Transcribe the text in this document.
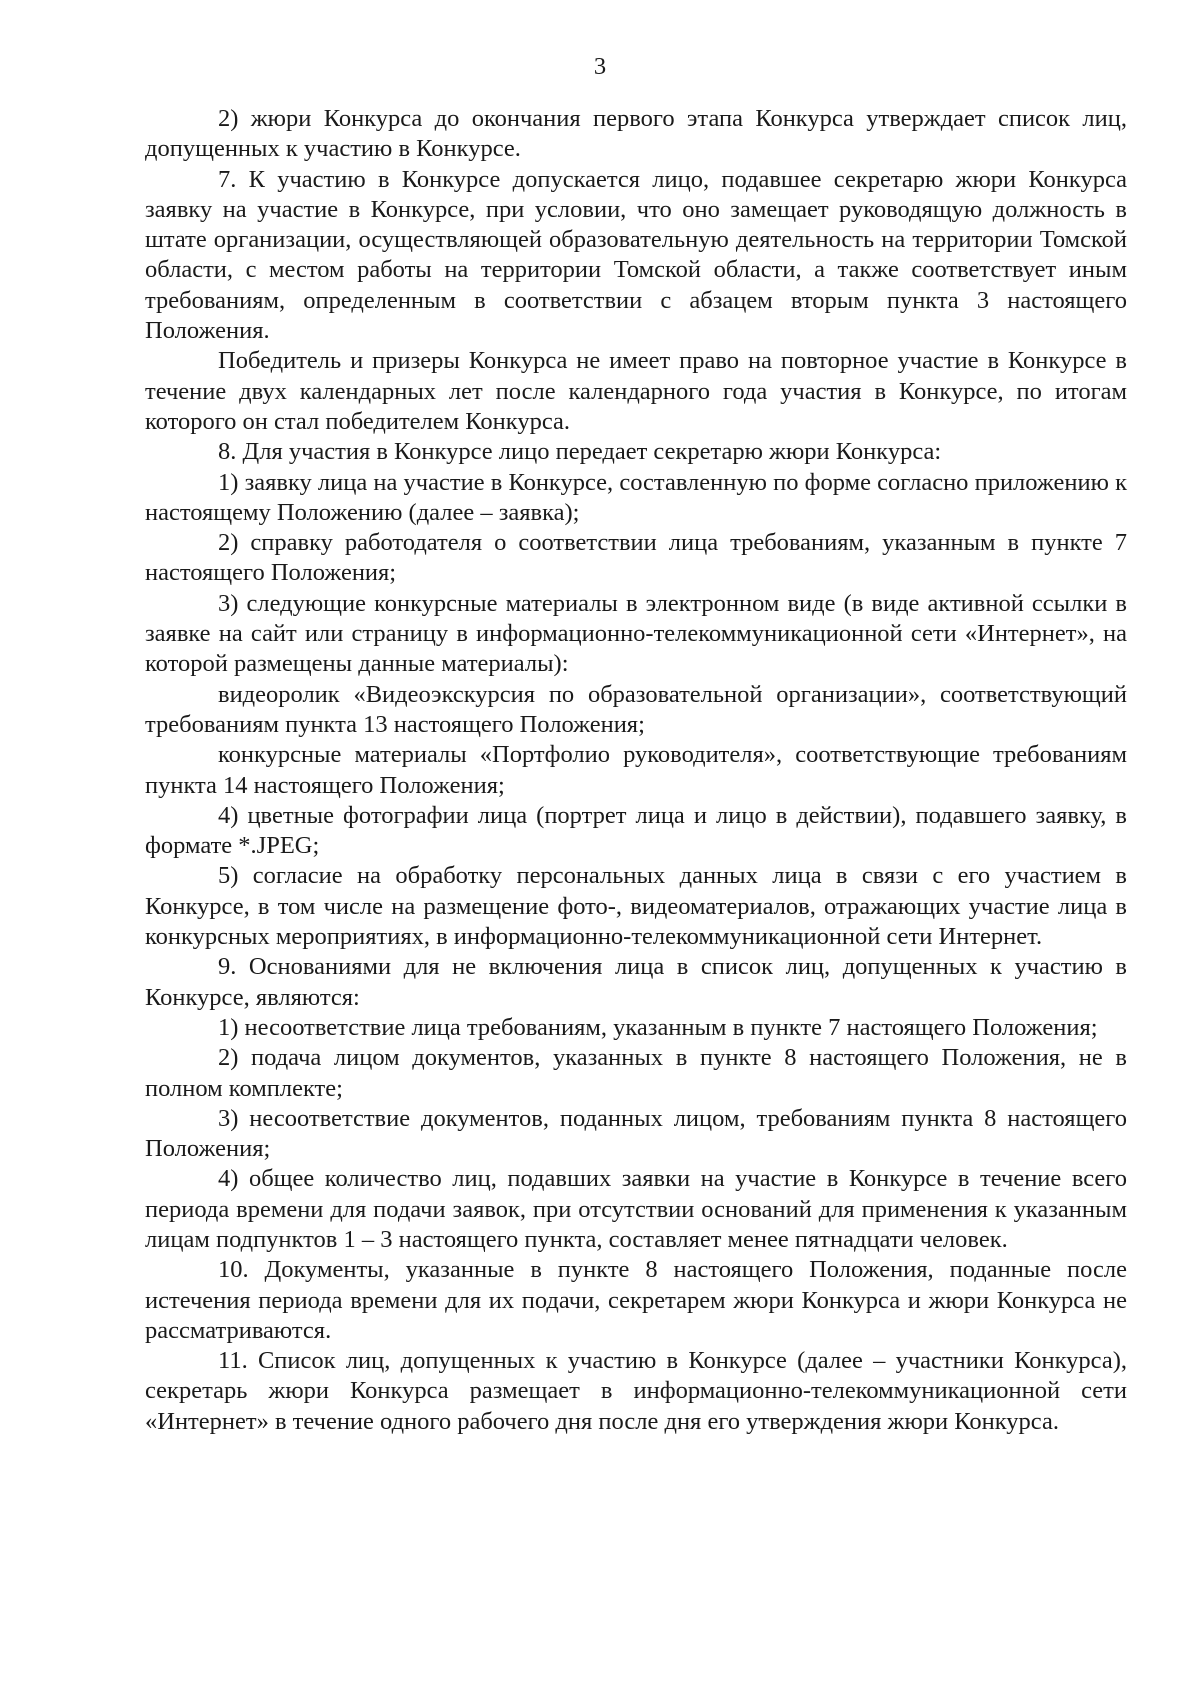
3

2) жюри Конкурса до окончания первого этапа Конкурса утверждает список лиц, допущенных к участию в Конкурсе.

7. К участию в Конкурсе допускается лицо, подавшее секретарю жюри Конкурса заявку на участие в Конкурсе, при условии, что оно замещает руководящую должность в штате организации, осуществляющей образовательную деятельность на территории Томской области, с местом работы на территории Томской области, а также соответствует иным требованиям, определенным в соответствии с абзацем вторым пункта 3 настоящего Положения.

Победитель и призеры Конкурса не имеет право на повторное участие в Конкурсе в течение двух календарных лет после календарного года участия в Конкурсе, по итогам которого он стал победителем Конкурса.

8. Для участия в Конкурсе лицо передает секретарю жюри Конкурса:

1) заявку лица на участие в Конкурсе, составленную по форме согласно приложению к настоящему Положению (далее – заявка);

2) справку работодателя о соответствии лица требованиям, указанным в пункте 7 настоящего Положения;

3) следующие конкурсные материалы в электронном виде (в виде активной ссылки в заявке на сайт или страницу в информационно-телекоммуникационной сети «Интернет», на которой размещены данные материалы):

видеоролик «Видеоэкскурсия по образовательной организации», соответствующий требованиям пункта 13 настоящего Положения;

конкурсные материалы «Портфолио руководителя», соответствующие требованиям пункта 14 настоящего Положения;

4) цветные фотографии лица (портрет лица и лицо в действии), подавшего заявку, в формате *.JPEG;

5) согласие на обработку персональных данных лица в связи с его участием в Конкурсе, в том числе на размещение фото-, видеоматериалов, отражающих участие лица в конкурсных мероприятиях, в информационно-телекоммуникационной сети Интернет.

9. Основаниями для не включения лица в список лиц, допущенных к участию в Конкурсе, являются:

1) несоответствие лица требованиям, указанным в пункте 7 настоящего Положения;

2) подача лицом документов, указанных в пункте 8 настоящего Положения, не в полном комплекте;

3) несоответствие документов, поданных лицом, требованиям пункта 8 настоящего Положения;

4) общее количество лиц, подавших заявки на участие в Конкурсе в течение всего периода времени для подачи заявок, при отсутствии оснований для применения к указанным лицам подпунктов 1 – 3 настоящего пункта, составляет менее пятнадцати человек.

10. Документы, указанные в пункте 8 настоящего Положения, поданные после истечения периода времени для их подачи, секретарем жюри Конкурса и жюри Конкурса не рассматриваются.

11. Список лиц, допущенных к участию в Конкурсе (далее – участники Конкурса), секретарь жюри Конкурса размещает в информационно-телекоммуникационной сети «Интернет» в течение одного рабочего дня после дня его утверждения жюри Конкурса.
